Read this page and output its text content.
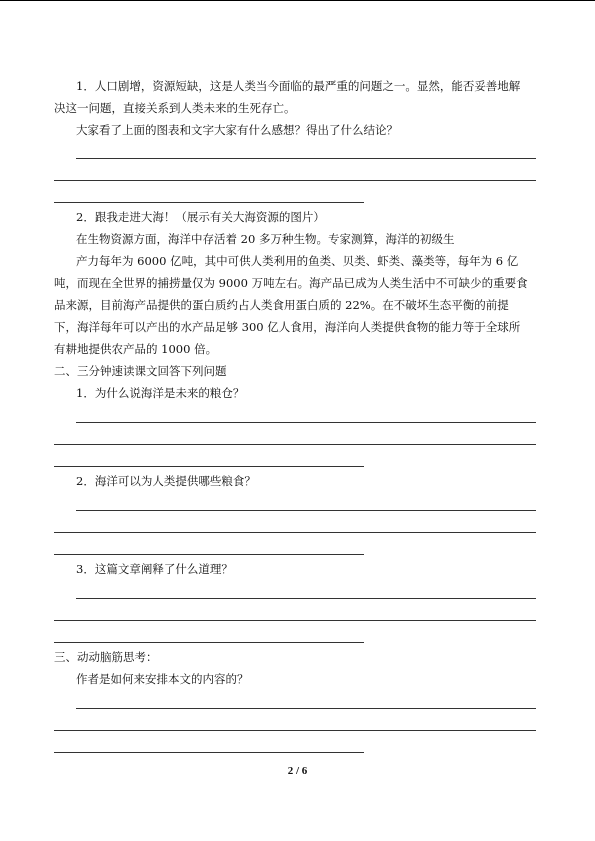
1．人口剧增，资源短缺，这是人类当今面临的最严重的问题之一。显然，能否妥善地解
决这一问题，直接关系到人类未来的生死存亡。
大家看了上面的图表和文字大家有什么感想？得出了什么结论？
2．跟我走进大海！（展示有关大海资源的图片）
在生物资源方面，海洋中存活着 20 多万种生物。专家测算，海洋的初级生
产力每年为 6000 亿吨，其中可供人类利用的鱼类、贝类、虾类、藻类等，每年为 6 亿
吨，而现在全世界的捕捞量仅为 9000 万吨左右。海产品已成为人类生活中不可缺少的重要食
品来源，目前海产品提供的蛋白质约占人类食用蛋白质的 22%。在不破坏生态平衡的前提
下，海洋每年可以产出的水产品足够 300 亿人食用，海洋向人类提供食物的能力等于全球所
有耕地提供农产品的 1000 倍。
二、三分钟速读课文回答下列问题
1．为什么说海洋是未来的粮仓？
2．海洋可以为人类提供哪些粮食？
3．这篇文章阐释了什么道理？
三、动动脑筋思考：
作者是如何来安排本文的内容的？
2 / 6
